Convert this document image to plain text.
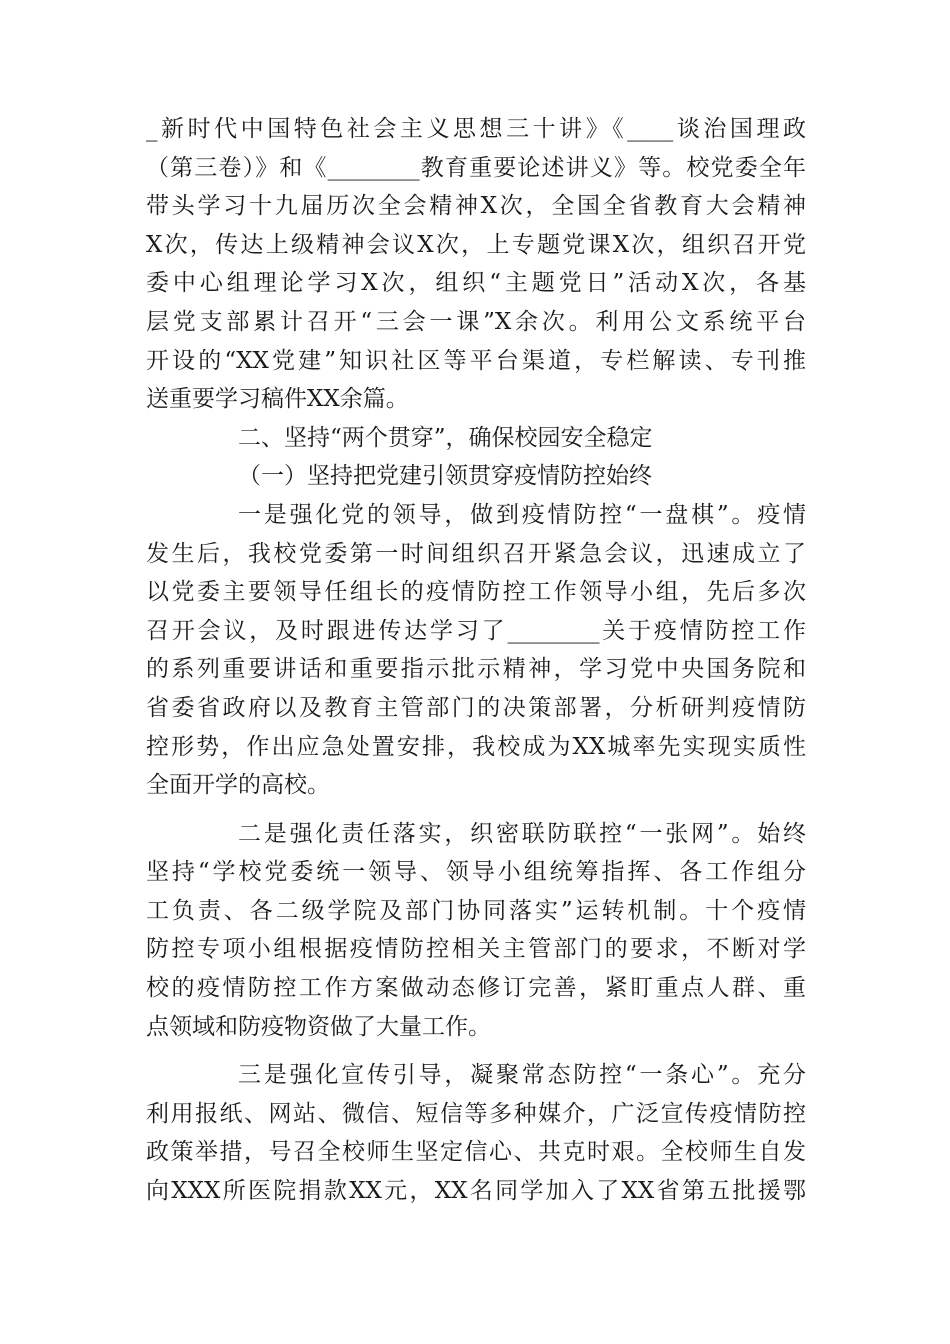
_新时代中国特色社会主义思想三十讲》《____谈治国理政
（第三卷）》和《________教育重要论述讲义》等。校党委全年
带头学习十九届历次全会精神X次，全国全省教育大会精神
X次，传达上级精神会议X次，上专题党课X次，组织召开党
委中心组理论学习X次，组织“主题党日”活动X次，各基
层党支部累计召开“三会一课”X余次。利用公文系统平台
开设的“XX党建”知识社区等平台渠道，专栏解读、专刊推
送重要学习稿件XX余篇。
二、坚持“两个贯穿”，确保校园安全稳定
（一）坚持把党建引领贯穿疫情防控始终
一是强化党的领导，做到疫情防控“一盘棋”。疫情
发生后，我校党委第一时间组织召开紧急会议，迅速成立了
以党委主要领导任组长的疫情防控工作领导小组，先后多次
召开会议，及时跟进传达学习了________关于疫情防控工作
的系列重要讲话和重要指示批示精神，学习党中央国务院和
省委省政府以及教育主管部门的决策部署，分析研判疫情防
控形势，作出应急处置安排，我校成为XX城率先实现实质性
全面开学的高校。
二是强化责任落实，织密联防联控“一张网”。始终
坚持“学校党委统一领导、领导小组统筹指挥、各工作组分
工负责、各二级学院及部门协同落实”运转机制。十个疫情
防控专项小组根据疫情防控相关主管部门的要求，不断对学
校的疫情防控工作方案做动态修订完善，紧盯重点人群、重
点领域和防疫物资做了大量工作。
三是强化宣传引导，凝聚常态防控“一条心”。充分
利用报纸、网站、微信、短信等多种媒介，广泛宣传疫情防控
政策举措，号召全校师生坚定信心、共克时艰。全校师生自发
向XXX所医院捐款XX元，XX名同学加入了XX省第五批援鄂
